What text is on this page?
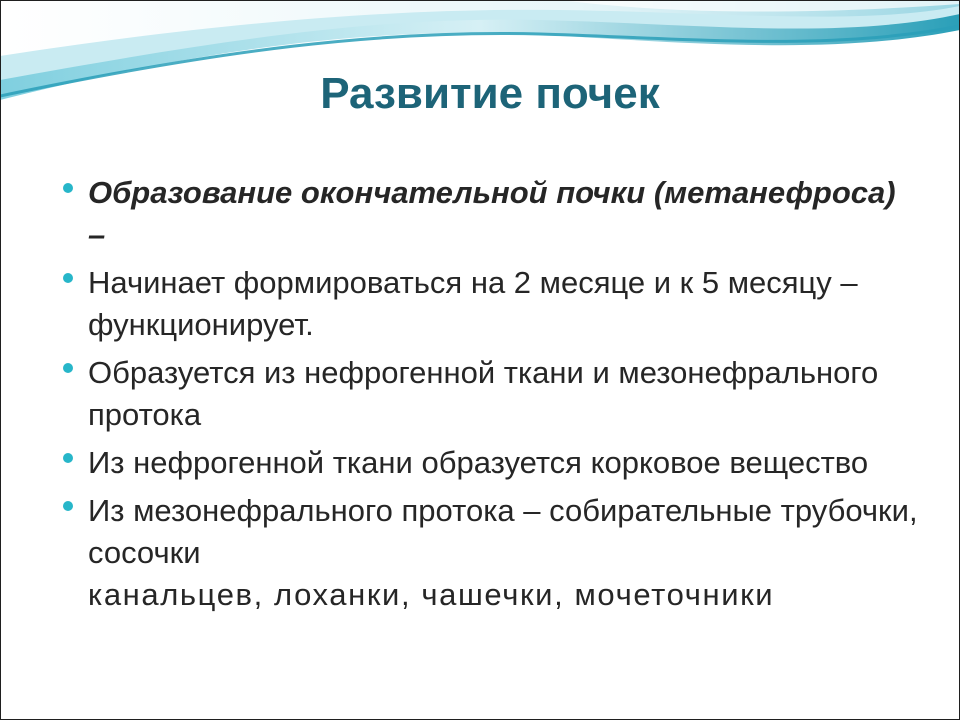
Развитие почек
Образование окончательной почки (метанефроса) –
Начинает формироваться на 2 месяце и к 5 месяцу – функционирует.
Образуется из нефрогенной ткани и мезонефрального протока
Из нефрогенной ткани образуется корковое вещество
Из мезонефрального протока – собирательные трубочки, сосочки
канальцев, лоханки, чашечки, мочеточники
